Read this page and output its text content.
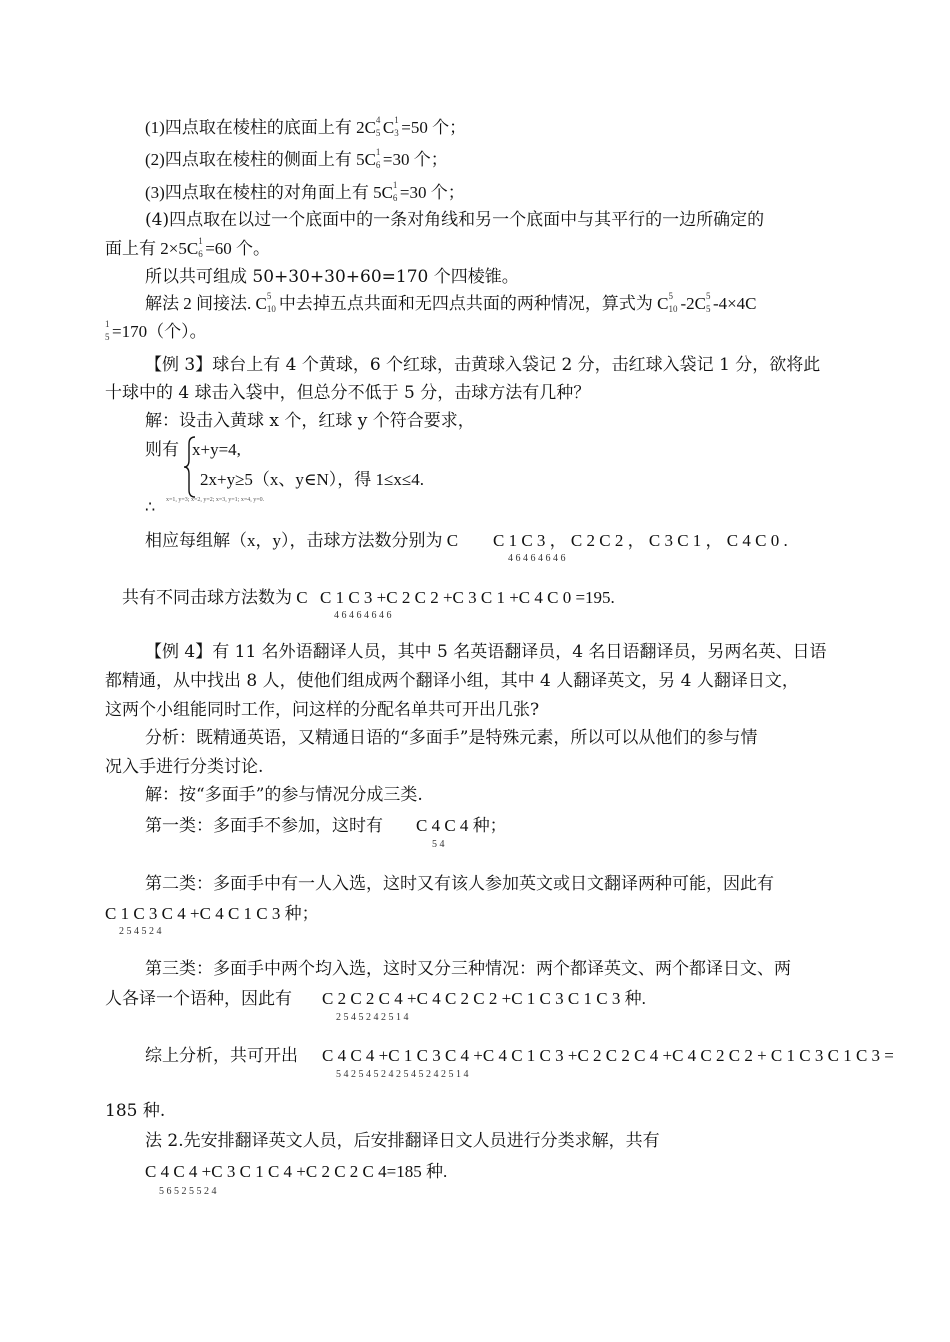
(1)四点取在棱柱的底面上有 2C 4
5 C 1
3 =50 个；
(2)四点取在棱柱的侧面上有 5C 1
6 =30 个；
(3)四点取在棱柱的对角面上有 5C 1
6 =30 个；
(4)四点取在以过一个底面中的一条对角线和另一个底面中与其平行的一边所确定的
面上有 2×5C 1
6 =60 个。
所以共可组成 50+30+30+60=170 个四棱锥。
解法 2 间接法. C 5
10 中去掉五点共面和无四点共面的两种情况，算式为 C 5
10 -2C 5
5 -4×4C
1
5 =170（个）。
【例 3】球台上有 4 个黄球，6 个红球，击黄球入袋记 2 分，击红球入袋记 1 分，欲将此
十球中的 4 球击入袋中，但总分不低于 5 分，击球方法有几种？
解：设击入黄球 x 个，红球 y 个符合要求，
则有 x+y=4,
2x+y≥5（x、y∈N），得 1≤x≤4.
∴ x=1, y=3; x=2, y=2; x=3, y=1; x=4, y=0.
相应每组解（x，y），击球方法数分别为 C C 1 C 3 ， C 2 C 2 ， C 3 C 1 ， C 4 C 0 .
4 6 4 6 4 6 4 6
共有不同击球方法数为 C C 1 C 3 +C 2 C 2 +C 3 C 1 +C 4 C 0 =195.
4 6 4 6 4 6 4 6
【例 4】有 11 名外语翻译人员，其中 5 名英语翻译员，4 名日语翻译员，另两名英、日语
都精通，从中找出 8 人，使他们组成两个翻译小组，其中 4 人翻译英文，另 4 人翻译日文，
这两个小组能同时工作，问这样的分配名单共可开出几张?
分析：既精通英语，又精通日语的“多面手”是特殊元素，所以可以从他们的参与情
况入手进行分类讨论.
解：按“多面手”的参与情况分成三类.
第一类：多面手不参加，这时有 C 4 C 4 种；
5 4
第二类：多面手中有一人入选，这时又有该人参加英文或日文翻译两种可能，因此有
C 1 C 3 C 4 +C 4 C 1 C 3 种；
2 5 4 5 2 4
第三类：多面手中两个均入选，这时又分三种情况：两个都译英文、两个都译日文、两
人各译一个语种，因此有 C 2 C 2 C 4 +C 4 C 2 C 2 +C 1 C 3 C 1 C 3 种.
2 5 4 5 2 4 2 5 1 4
综上分析，共可开出 C 4 C 4 +C 1 C 3 C 4 +C 4 C 1 C 3 +C 2 C 2 C 4 +C 4 C 2 C 2 + C 1 C 3 C 1 C 3 =
5 4 2 5 4 5 2 4 2 5 4 5 2 4 2 5 1 4
185 种.
法 2.先安排翻译英文人员，后安排翻译日文人员进行分类求解，共有
C 4 C 4 +C 3 C 1 C 4 +C 2 C 2 C 4=185 种.
5 6 5 2 5 5 2 4
